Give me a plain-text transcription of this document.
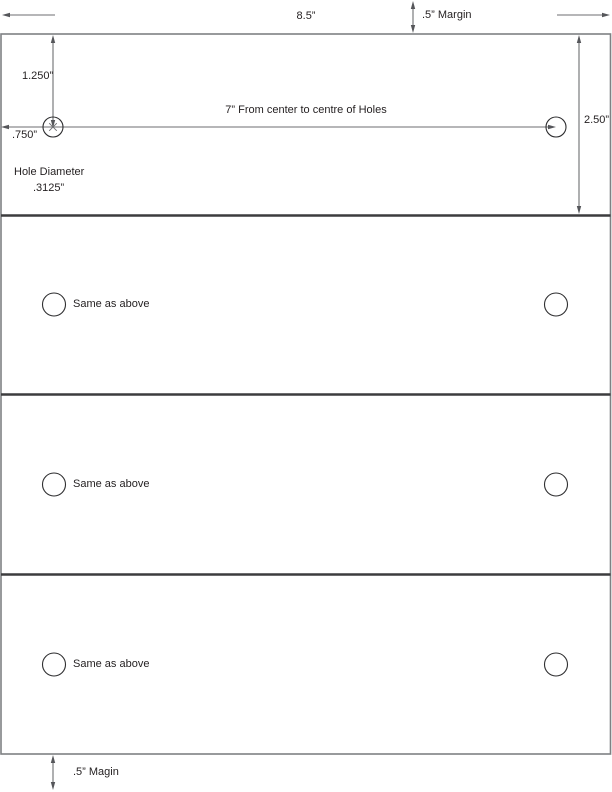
8.5”	.5” Margin
1.250”
7” From center to centre of Holes
.750”
2.50”
Hole Diameter
.3125”
Same as above
Same as above
Same as above
.5” Magin
